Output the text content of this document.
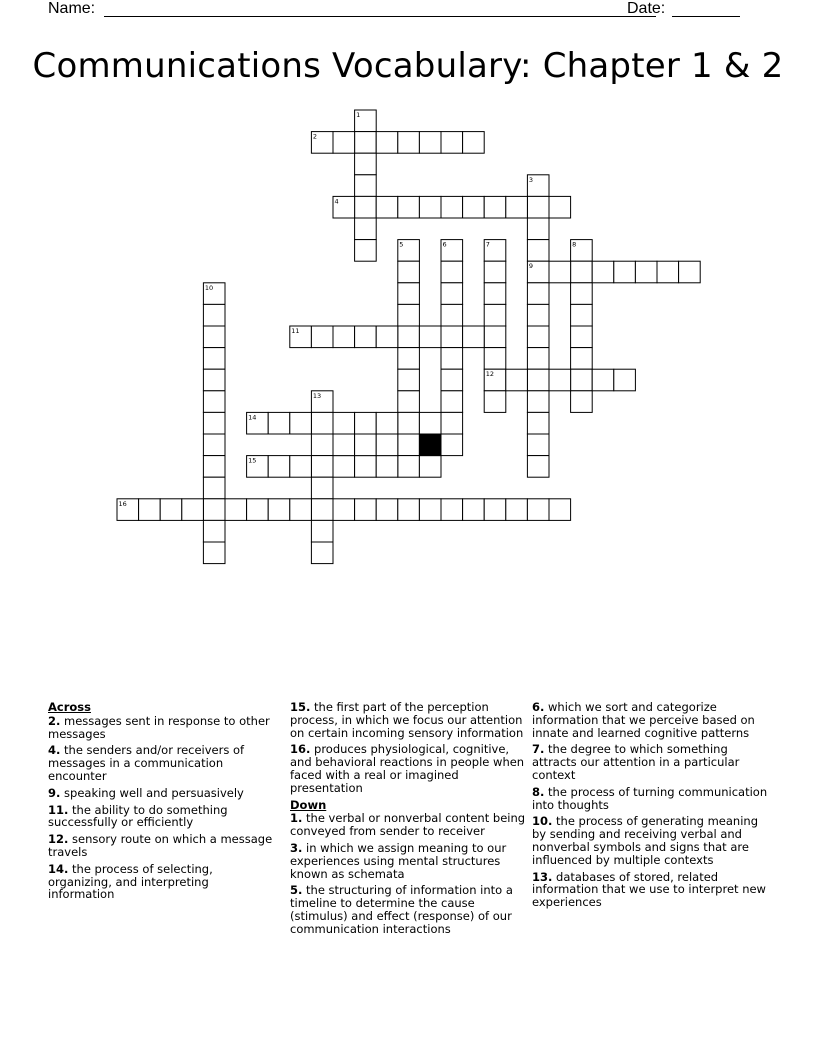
Name:	Date:
Communications Vocabulary: Chapter 1 & 2
1
2
3
4
5	6	7	8
9
10
11
12
13
14
15
16
Across
2. messages sent in response to other messages
4. the senders and/or receivers of messages in a communication encounter
9. speaking well and persuasively
11. the ability to do something successfully or efficiently
12. sensory route on which a message travels
14. the process of selecting, organizing, and interpreting information
15. the first part of the perception process, in which we focus our attention on certain incoming sensory information
16. produces physiological, cognitive, and behavioral reactions in people when faced with a real or imagined presentation
Down
1. the verbal or nonverbal content being conveyed from sender to receiver
3. in which we assign meaning to our experiences using mental structures known as schemata
5. the structuring of information into a timeline to determine the cause (stimulus) and effect (response) of our communication interactions
6. which we sort and categorize information that we perceive based on innate and learned cognitive patterns
7. the degree to which something attracts our attention in a particular context
8. the process of turning communication into thoughts
10. the process of generating meaning by sending and receiving verbal and nonverbal symbols and signs that are influenced by multiple contexts
13. databases of stored, related information that we use to interpret new experiences
